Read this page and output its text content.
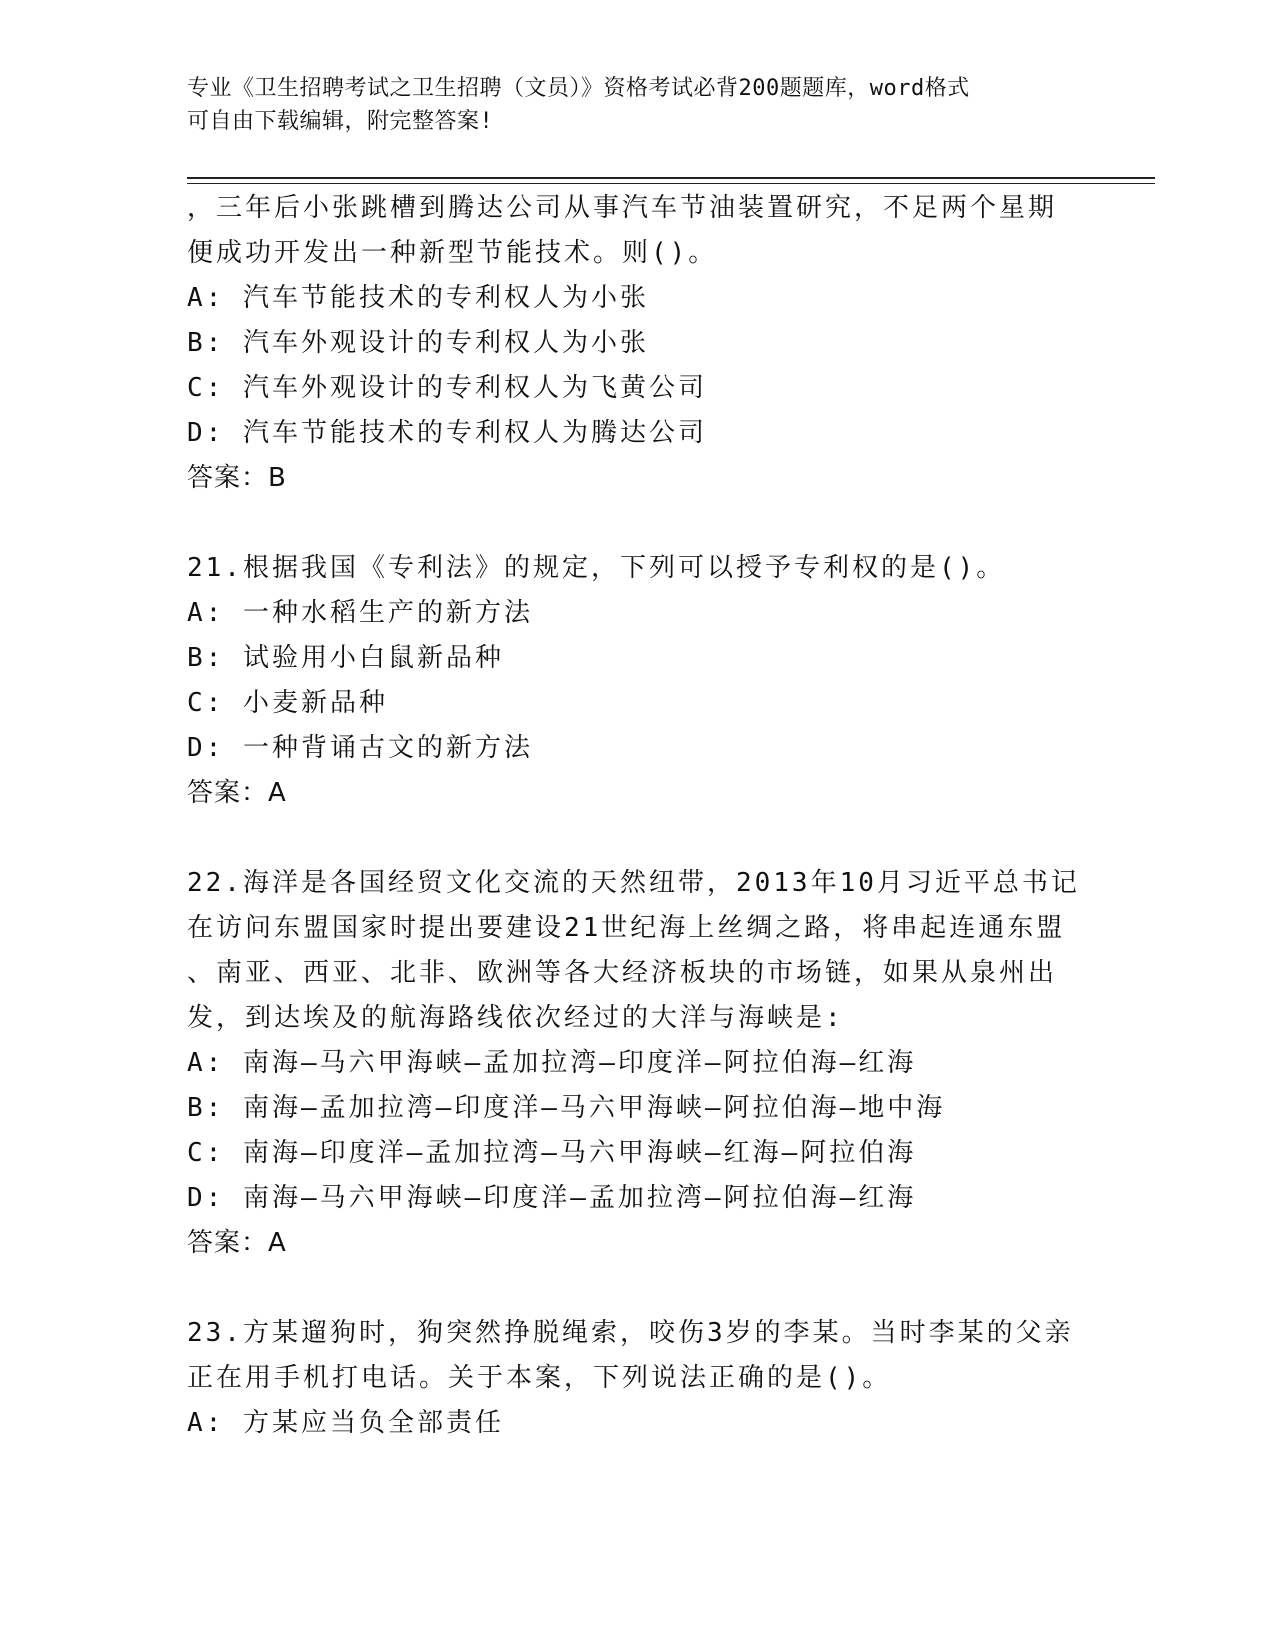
专业《卫生招聘考试之卫生招聘（文员）》资格考试必背200题题库，word格式
可自由下载编辑，附完整答案!
，三年后小张跳槽到腾达公司从事汽车节油装置研究，不足两个星期
便成功开发出一种新型节能技术。则()。
A: 汽车节能技术的专利权人为小张
B: 汽车外观设计的专利权人为小张
C: 汽车外观设计的专利权人为飞黄公司
D: 汽车节能技术的专利权人为腾达公司
答案：B
21.根据我国《专利法》的规定，下列可以授予专利权的是()。
A: 一种水稻生产的新方法
B: 试验用小白鼠新品种
C: 小麦新品种
D: 一种背诵古文的新方法
答案：A
22.海洋是各国经贸文化交流的天然纽带，2013年10月习近平总书记
在访问东盟国家时提出要建设21世纪海上丝绸之路，将串起连通东盟
、南亚、西亚、北非、欧洲等各大经济板块的市场链，如果从泉州出
发，到达埃及的航海路线依次经过的大洋与海峡是:
A: 南海—马六甲海峡—孟加拉湾—印度洋—阿拉伯海—红海
B: 南海—孟加拉湾—印度洋—马六甲海峡—阿拉伯海—地中海
C: 南海—印度洋—孟加拉湾—马六甲海峡—红海—阿拉伯海
D: 南海—马六甲海峡—印度洋—孟加拉湾—阿拉伯海—红海
答案：A
23.方某遛狗时，狗突然挣脱绳索，咬伤3岁的李某。当时李某的父亲
正在用手机打电话。关于本案，下列说法正确的是()。
A: 方某应当负全部责任
